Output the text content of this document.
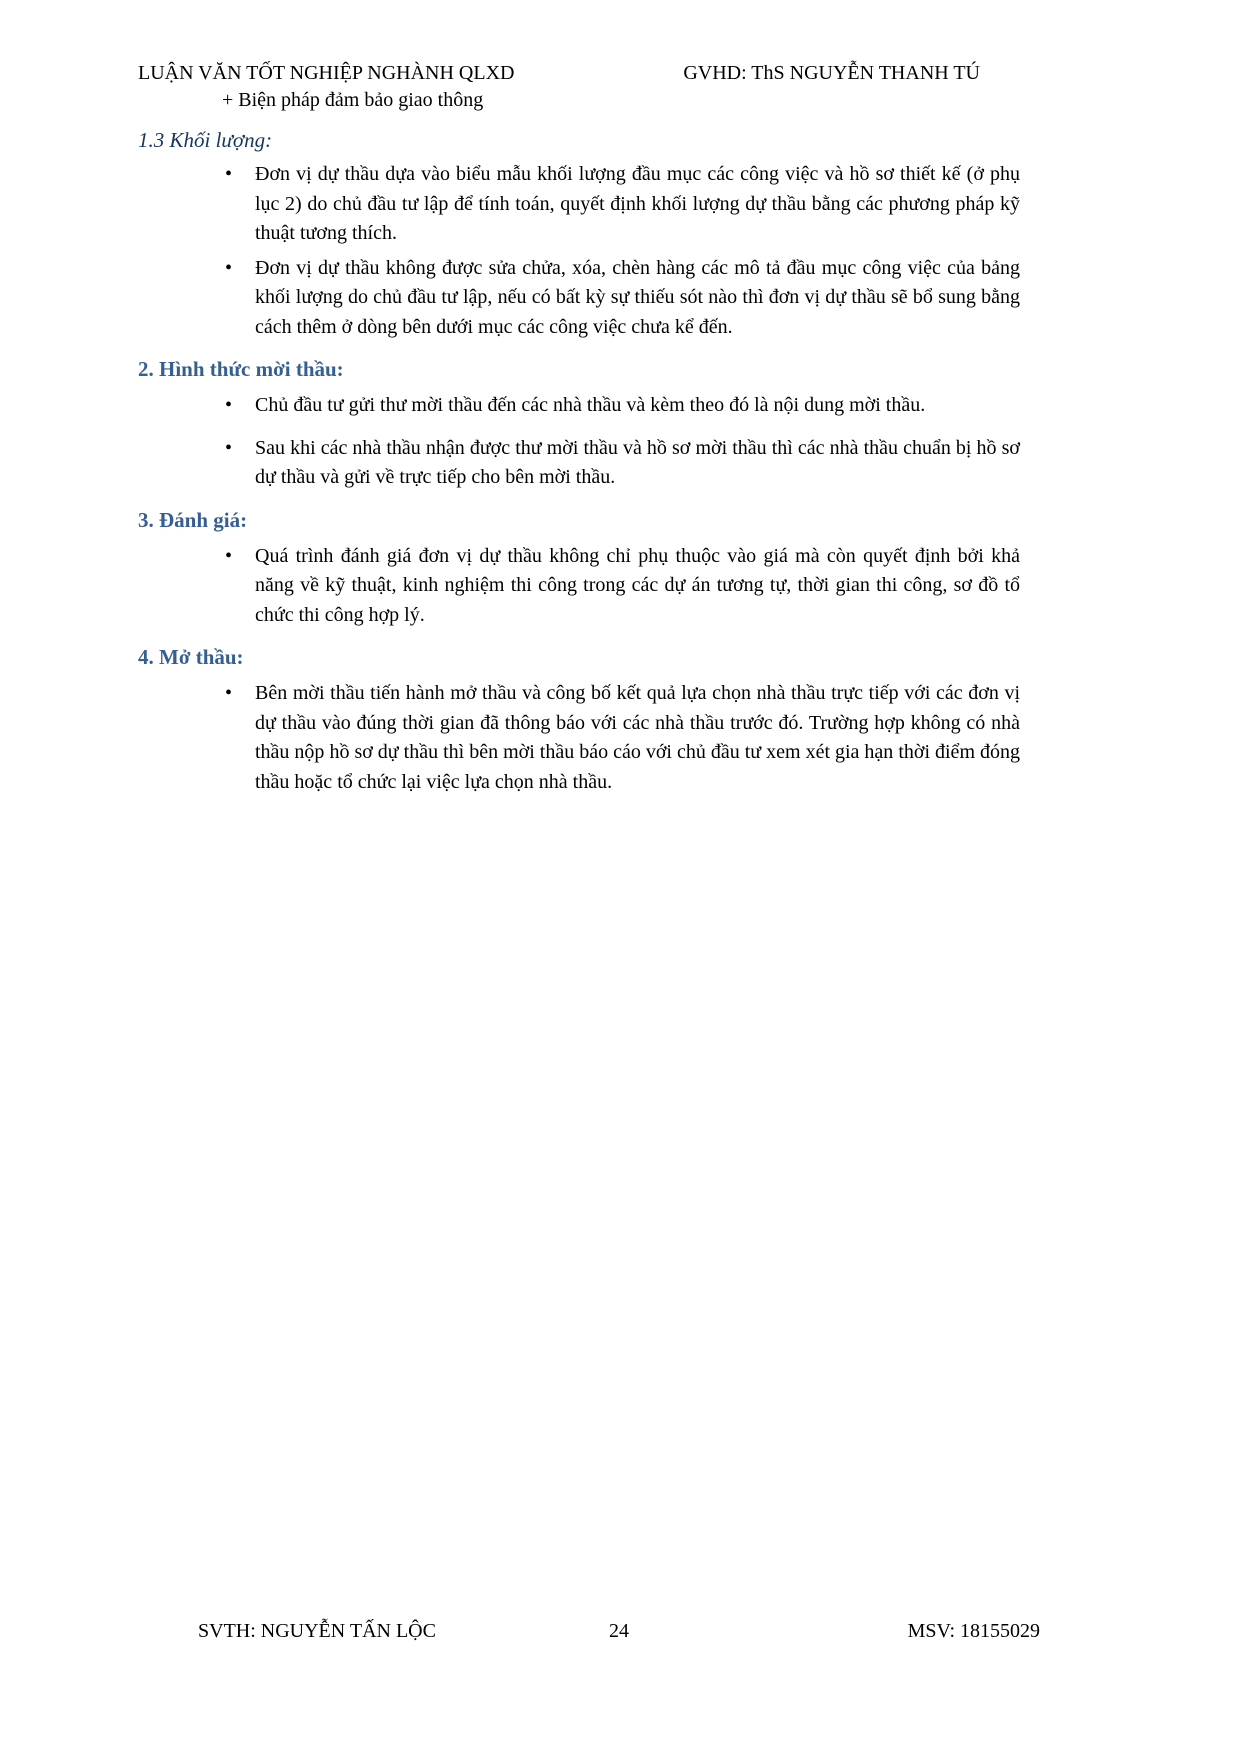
LUẬN VĂN TỐT NGHIỆP NGHÀNH QLXD	GVHD: ThS NGUYỄN THANH TÚ
+ Biện pháp đảm bảo giao thông
1.3 Khối lượng:
•	Đơn vị dự thầu dựa vào biểu mẫu khối lượng đầu mục các công việc và hồ sơ thiết kế (ở phụ lục 2) do chủ đầu tư lập để tính toán, quyết định khối lượng dự thầu bằng các phương pháp kỹ thuật tương thích.
•	Đơn vị dự thầu không được sửa chửa, xóa, chèn hàng các mô tả đầu mục công việc của bảng khối lượng do chủ đầu tư lập, nếu có bất kỳ sự thiếu sót nào thì đơn vị dự thầu sẽ bổ sung bằng cách thêm ở dòng bên dưới mục các công việc chưa kể đến.
2. Hình thức mời thầu:
•	Chủ đầu tư gửi thư mời thầu đến các nhà thầu và kèm theo đó là nội dung mời thầu.
•	Sau khi các nhà thầu nhận được thư mời thầu và hồ sơ mời thầu thì các nhà thầu chuẩn bị hồ sơ dự thầu và gửi về trực tiếp cho bên mời thầu.
3. Đánh giá:
•	Quá trình đánh giá đơn vị dự thầu không chỉ phụ thuộc vào giá mà còn quyết định bởi khả năng về kỹ thuật, kinh nghiệm thi công trong các dự án tương tự, thời gian thi công, sơ đồ tổ chức thi công hợp lý.
4. Mở thầu:
•	Bên mời thầu tiến hành mở thầu và công bố kết quả lựa chọn nhà thầu trực tiếp với các đơn vị dự thầu vào đúng thời gian đã thông báo với các nhà thầu trước đó. Trường hợp không có nhà thầu nộp hồ sơ dự thầu thì bên mời thầu báo cáo với chủ đầu tư xem xét gia hạn thời điểm đóng thầu hoặc tổ chức lại việc lựa chọn nhà thầu.
SVTH: NGUYỄN TẤN LỘC	24	MSV: 18155029
